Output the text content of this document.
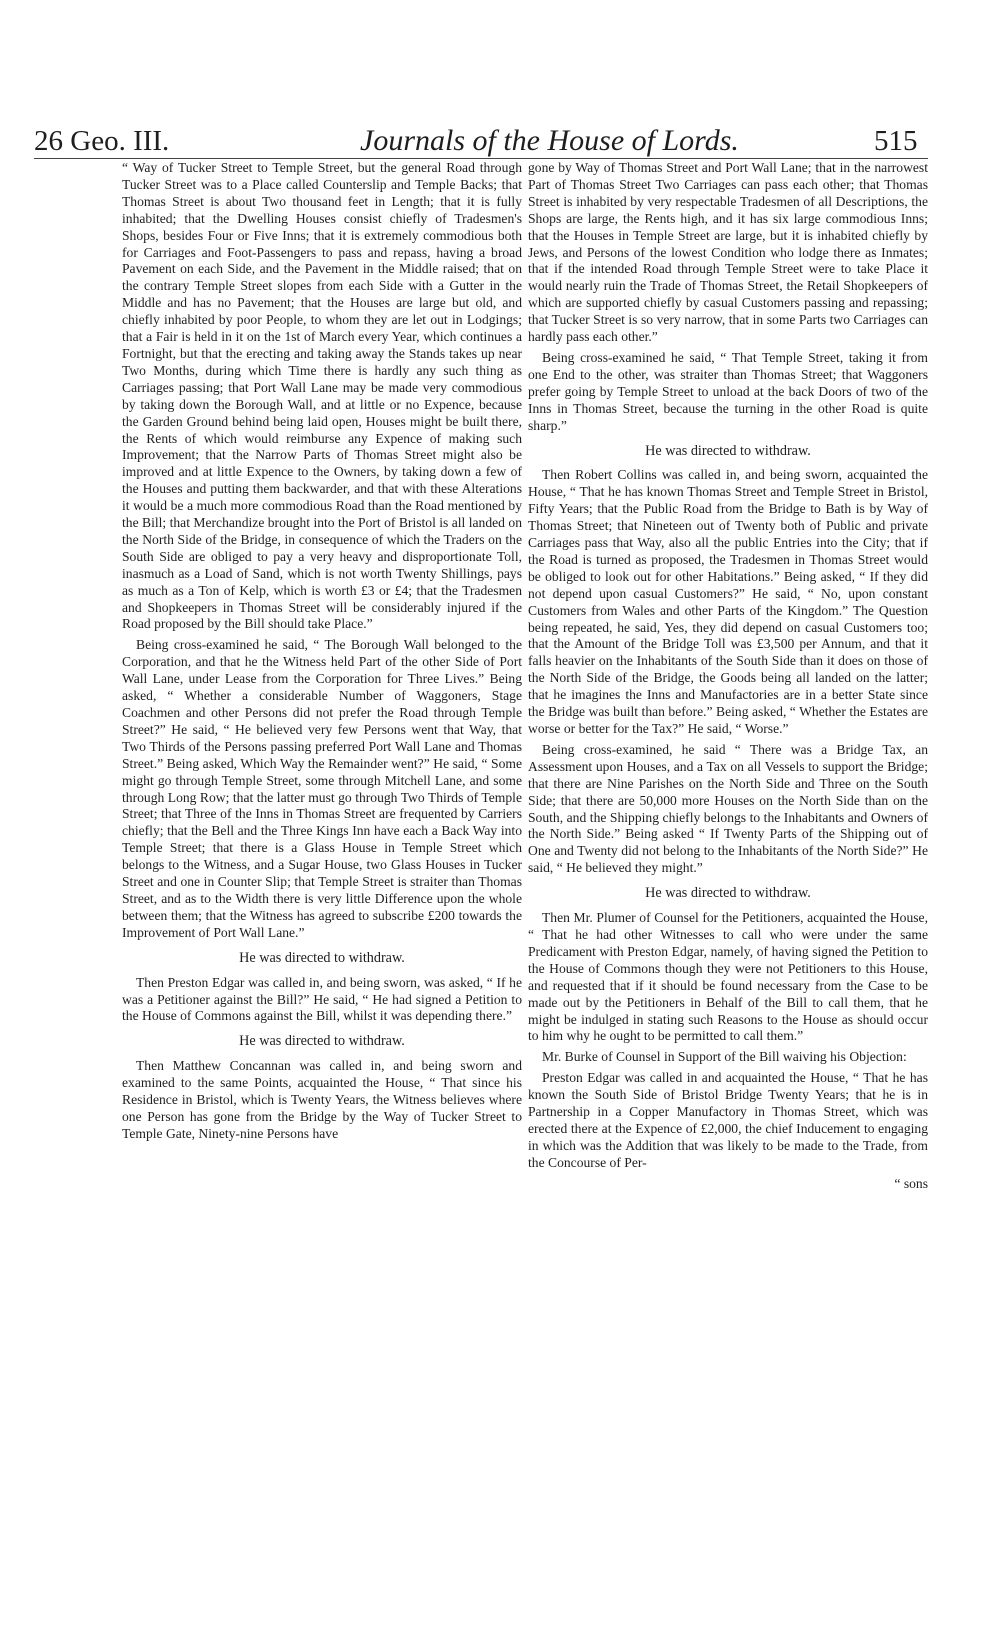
26 Geo. III.	Journals of the House of Lords.	515

“ Way of Tucker Street to Temple Street, but the general Road through Tucker Street was to a Place called Counterslip and Temple Backs; that Thomas Street is about Two thousand feet in Length; that it is fully inhabited; that the Dwelling Houses consist chiefly of Tradesmen's Shops, besides Four or Five Inns; that it is extremely commodious both for Carriages and Foot-Passengers to pass and repass, having a broad Pavement on each Side, and the Pavement in the Middle raised; that on the contrary Temple Street slopes from each Side with a Gutter in the Middle and has no Pavement; that the Houses are large but old, and chiefly inhabited by poor People, to whom they are let out in Lodgings; that a Fair is held in it on the 1st of March every Year, which continues a Fortnight, but that the erecting and taking away the Stands takes up near Two Months, during which Time there is hardly any such thing as Carriages passing; that Port Wall Lane may be made very commodious by taking down the Borough Wall, and at little or no Expence, because the Garden Ground behind being laid open, Houses might be built there, the Rents of which would reimburse any Expence of making such Improvement; that the Narrow Parts of Thomas Street might also be improved and at little Expence to the Owners, by taking down a few of the Houses and putting them backwarder, and that with these Alterations it would be a much more commodious Road than the Road mentioned by the Bill; that Merchandize brought into the Port of Bristol is all landed on the North Side of the Bridge, in consequence of which the Traders on the South Side are obliged to pay a very heavy and disproportionate Toll, inasmuch as a Load of Sand, which is not worth Twenty Shillings, pays as much as a Ton of Kelp, which is worth £3 or £4; that the Tradesmen and Shopkeepers in Thomas Street will be considerably injured if the Road proposed by the Bill should take Place.”

Being cross-examined he said, “ The Borough Wall belonged to the Corporation, and that he the Witness held Part of the other Side of Port Wall Lane, under Lease from the Corporation for Three Lives.” Being asked, “ Whether a considerable Number of Waggoners, Stage Coachmen and other Persons did not prefer the Road through Temple Street?” He said, “ He believed very few Persons went that Way, that Two Thirds of the Persons passing preferred Port Wall Lane and Thomas Street.” Being asked, Which Way the Remainder went?” He said, “ Some might go through Temple Street, some through Mitchell Lane, and some through Long Row; that the latter must go through Two Thirds of Temple Street; that Three of the Inns in Thomas Street are frequented by Carriers chiefly; that the Bell and the Three Kings Inn have each a Back Way into Temple Street; that there is a Glass House in Temple Street which belongs to the Witness, and a Sugar House, two Glass Houses in Tucker Street and one in Counter Slip; that Temple Street is straiter than Thomas Street, and as to the Width there is very little Difference upon the whole between them; that the Witness has agreed to subscribe £200 towards the Improvement of Port Wall Lane.”

He was directed to withdraw.

Then Preston Edgar was called in, and being sworn, was asked, “ If he was a Petitioner against the Bill?” He said, “ He had signed a Petition to the House of Commons against the Bill, whilst it was depending there.”

He was directed to withdraw.

Then Matthew Concannan was called in, and being sworn and examined to the same Points, acquainted the House, “ That since his Residence in Bristol, which is Twenty Years, the Witness believes where one Person has gone from the Bridge by the Way of Tucker Street to Temple Gate, Ninety-nine Persons have

gone by Way of Thomas Street and Port Wall Lane; that in the narrowest Part of Thomas Street Two Carriages can pass each other; that Thomas Street is inhabited by very respectable Tradesmen of all Descriptions, the Shops are large, the Rents high, and it has six large commodious Inns; that the Houses in Temple Street are large, but it is inhabited chiefly by Jews, and Persons of the lowest Condition who lodge there as Inmates; that if the intended Road through Temple Street were to take Place it would nearly ruin the Trade of Thomas Street, the Retail Shopkeepers of which are supported chiefly by casual Customers passing and repassing; that Tucker Street is so very narrow, that in some Parts two Carriages can hardly pass each other.”

Being cross-examined he said, “ That Temple Street, taking it from one End to the other, was straiter than Thomas Street; that Waggoners prefer going by Temple Street to unload at the back Doors of two of the Inns in Thomas Street, because the turning in the other Road is quite sharp.”

He was directed to withdraw.

Then Robert Collins was called in, and being sworn, acquainted the House, “ That he has known Thomas Street and Temple Street in Bristol, Fifty Years; that the Public Road from the Bridge to Bath is by Way of Thomas Street; that Nineteen out of Twenty both of Public and private Carriages pass that Way, also all the public Entries into the City; that if the Road is turned as proposed, the Tradesmen in Thomas Street would be obliged to look out for other Habitations.” Being asked, “ If they did not depend upon casual Customers?” He said, “ No, upon constant Customers from Wales and other Parts of the Kingdom.” The Question being repeated, he said, Yes, they did depend on casual Customers too; that the Amount of the Bridge Toll was £3,500 per Annum, and that it falls heavier on the Inhabitants of the South Side than it does on those of the North Side of the Bridge, the Goods being all landed on the latter; that he imagines the Inns and Manufactories are in a better State since the Bridge was built than before.” Being asked, “ Whether the Estates are worse or better for the Tax?” He said, “ Worse.”

Being cross-examined, he said “ There was a Bridge Tax, an Assessment upon Houses, and a Tax on all Vessels to support the Bridge; that there are Nine Parishes on the North Side and Three on the South Side; that there are 50,000 more Houses on the North Side than on the South, and the Shipping chiefly belongs to the Inhabitants and Owners of the North Side.” Being asked “ If Twenty Parts of the Shipping out of One and Twenty did not belong to the Inhabitants of the North Side?” He said, “ He believed they might.”

He was directed to withdraw.

Then Mr. Plumer of Counsel for the Petitioners, acquainted the House, “ That he had other Witnesses to call who were under the same Predicament with Preston Edgar, namely, of having signed the Petition to the House of Commons though they were not Petitioners to this House, and requested that if it should be found necessary from the Case to be made out by the Petitioners in Behalf of the Bill to call them, that he might be indulged in stating such Reasons to the House as should occur to him why he ought to be permitted to call them.”

Mr. Burke of Counsel in Support of the Bill waiving his Objection:

Preston Edgar was called in and acquainted the House, “ That he has known the South Side of Bristol Bridge Twenty Years; that he is in Partnership in a Copper Manufactory in Thomas Street, which was erected there at the Expence of £2,000, the chief Inducement to engaging in which was the Addition that was likely to be made to the Trade, from the Concourse of Per-

“ sons
